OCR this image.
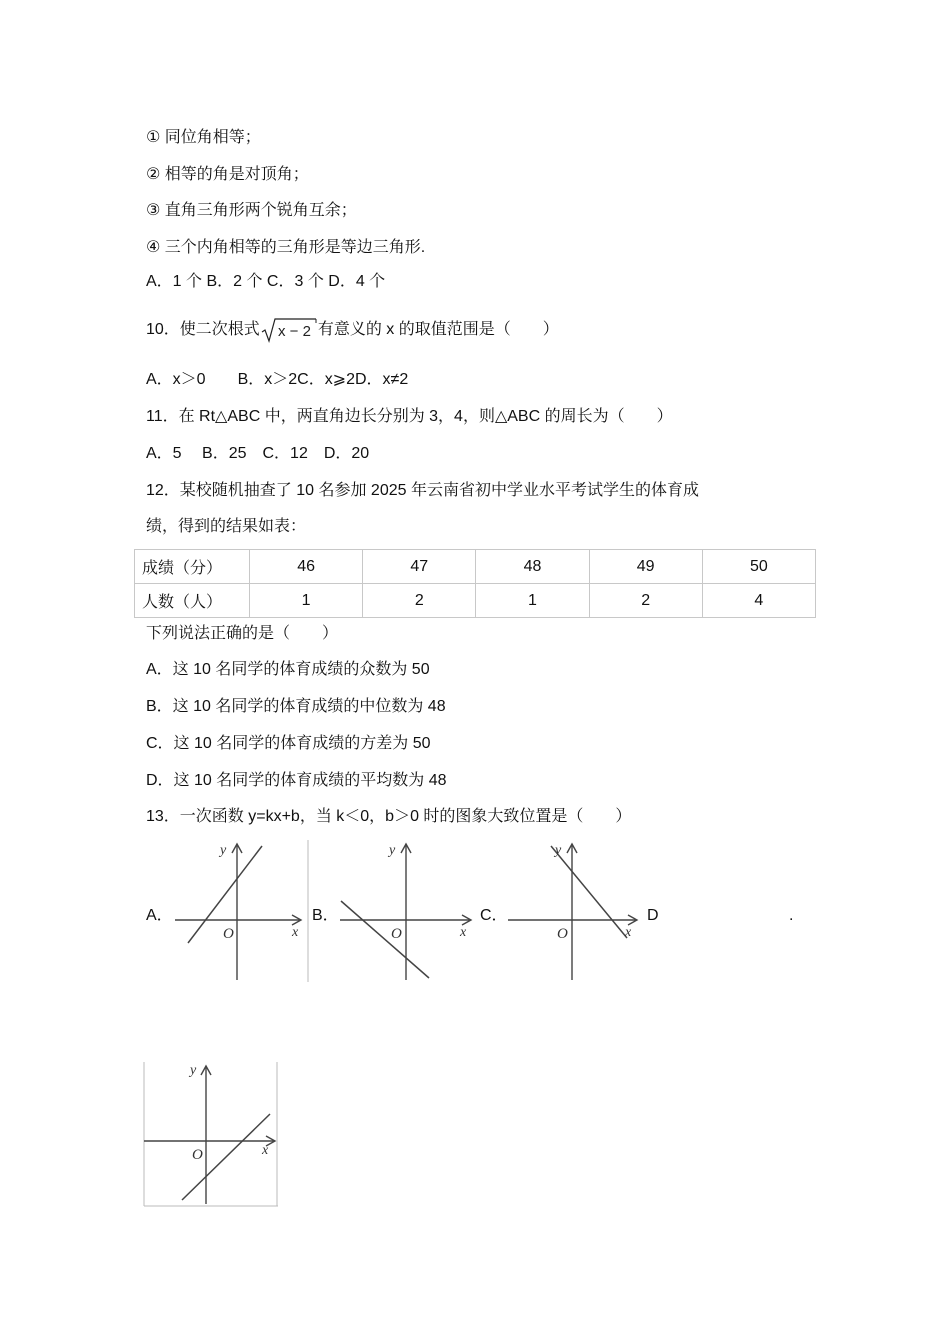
① 同位角相等；
② 相等的角是对顶角；
③ 直角三角形两个锐角互余；
④ 三个内角相等的三角形是等边三角形.
A．1 个 B．2 个 C．3 个 D．4 个
10．使二次根式 x − 2 有意义的 x 的取值范围是（　　）
A．x＞0　　B．x＞2C．x⩾2D．x≠2
11．在 Rt△ABC 中，两直角边长分别为 3，4，则△ABC 的周长为（　　）
A．5　 B．25　C．12　D．20
12．某校随机抽查了 10 名参加 2025 年云南省初中学业水平考试学生的体育成
绩，得到的结果如表：
成绩（分）	46	47	48	49	50
人数（人）	1	2	1	2	4
下列说法正确的是（　　）
A．这 10 名同学的体育成绩的众数为 50
B．这 10 名同学的体育成绩的中位数为 48
C．这 10 名同学的体育成绩的方差为 50
D．这 10 名同学的体育成绩的平均数为 48
13．一次函数 y=kx+b，当 k＜0，b＞0 时的图象大致位置是（　　）
A．	B．	C．	D	.
x
y
O	x
y
O	x
y
O
x
y
O
